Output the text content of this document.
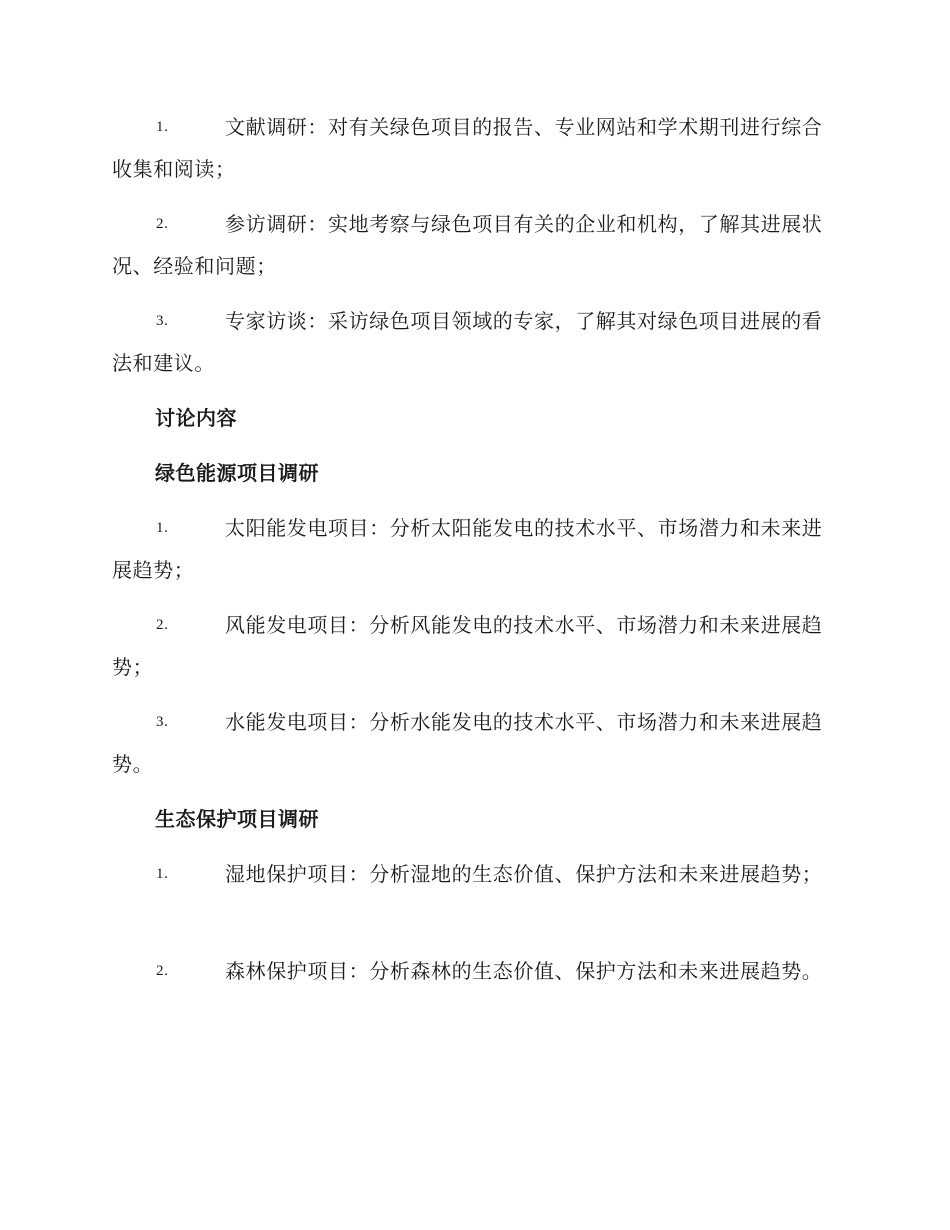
1.	文献调研：对有关绿色项目的报告、专业网站和学术期刊进行综合收集和阅读；
2.	参访调研：实地考察与绿色项目有关的企业和机构，了解其进展状况、经验和问题；
3.	专家访谈：采访绿色项目领域的专家，了解其对绿色项目进展的看法和建议。
讨论内容
绿色能源项目调研
1.	太阳能发电项目：分析太阳能发电的技术水平、市场潜力和未来进展趋势；
2.	风能发电项目：分析风能发电的技术水平、市场潜力和未来进展趋势；
3.	水能发电项目：分析水能发电的技术水平、市场潜力和未来进展趋势。
生态保护项目调研
1.	湿地保护项目：分析湿地的生态价值、保护方法和未来进展趋势；
2.	森林保护项目：分析森林的生态价值、保护方法和未来进展趋势。
